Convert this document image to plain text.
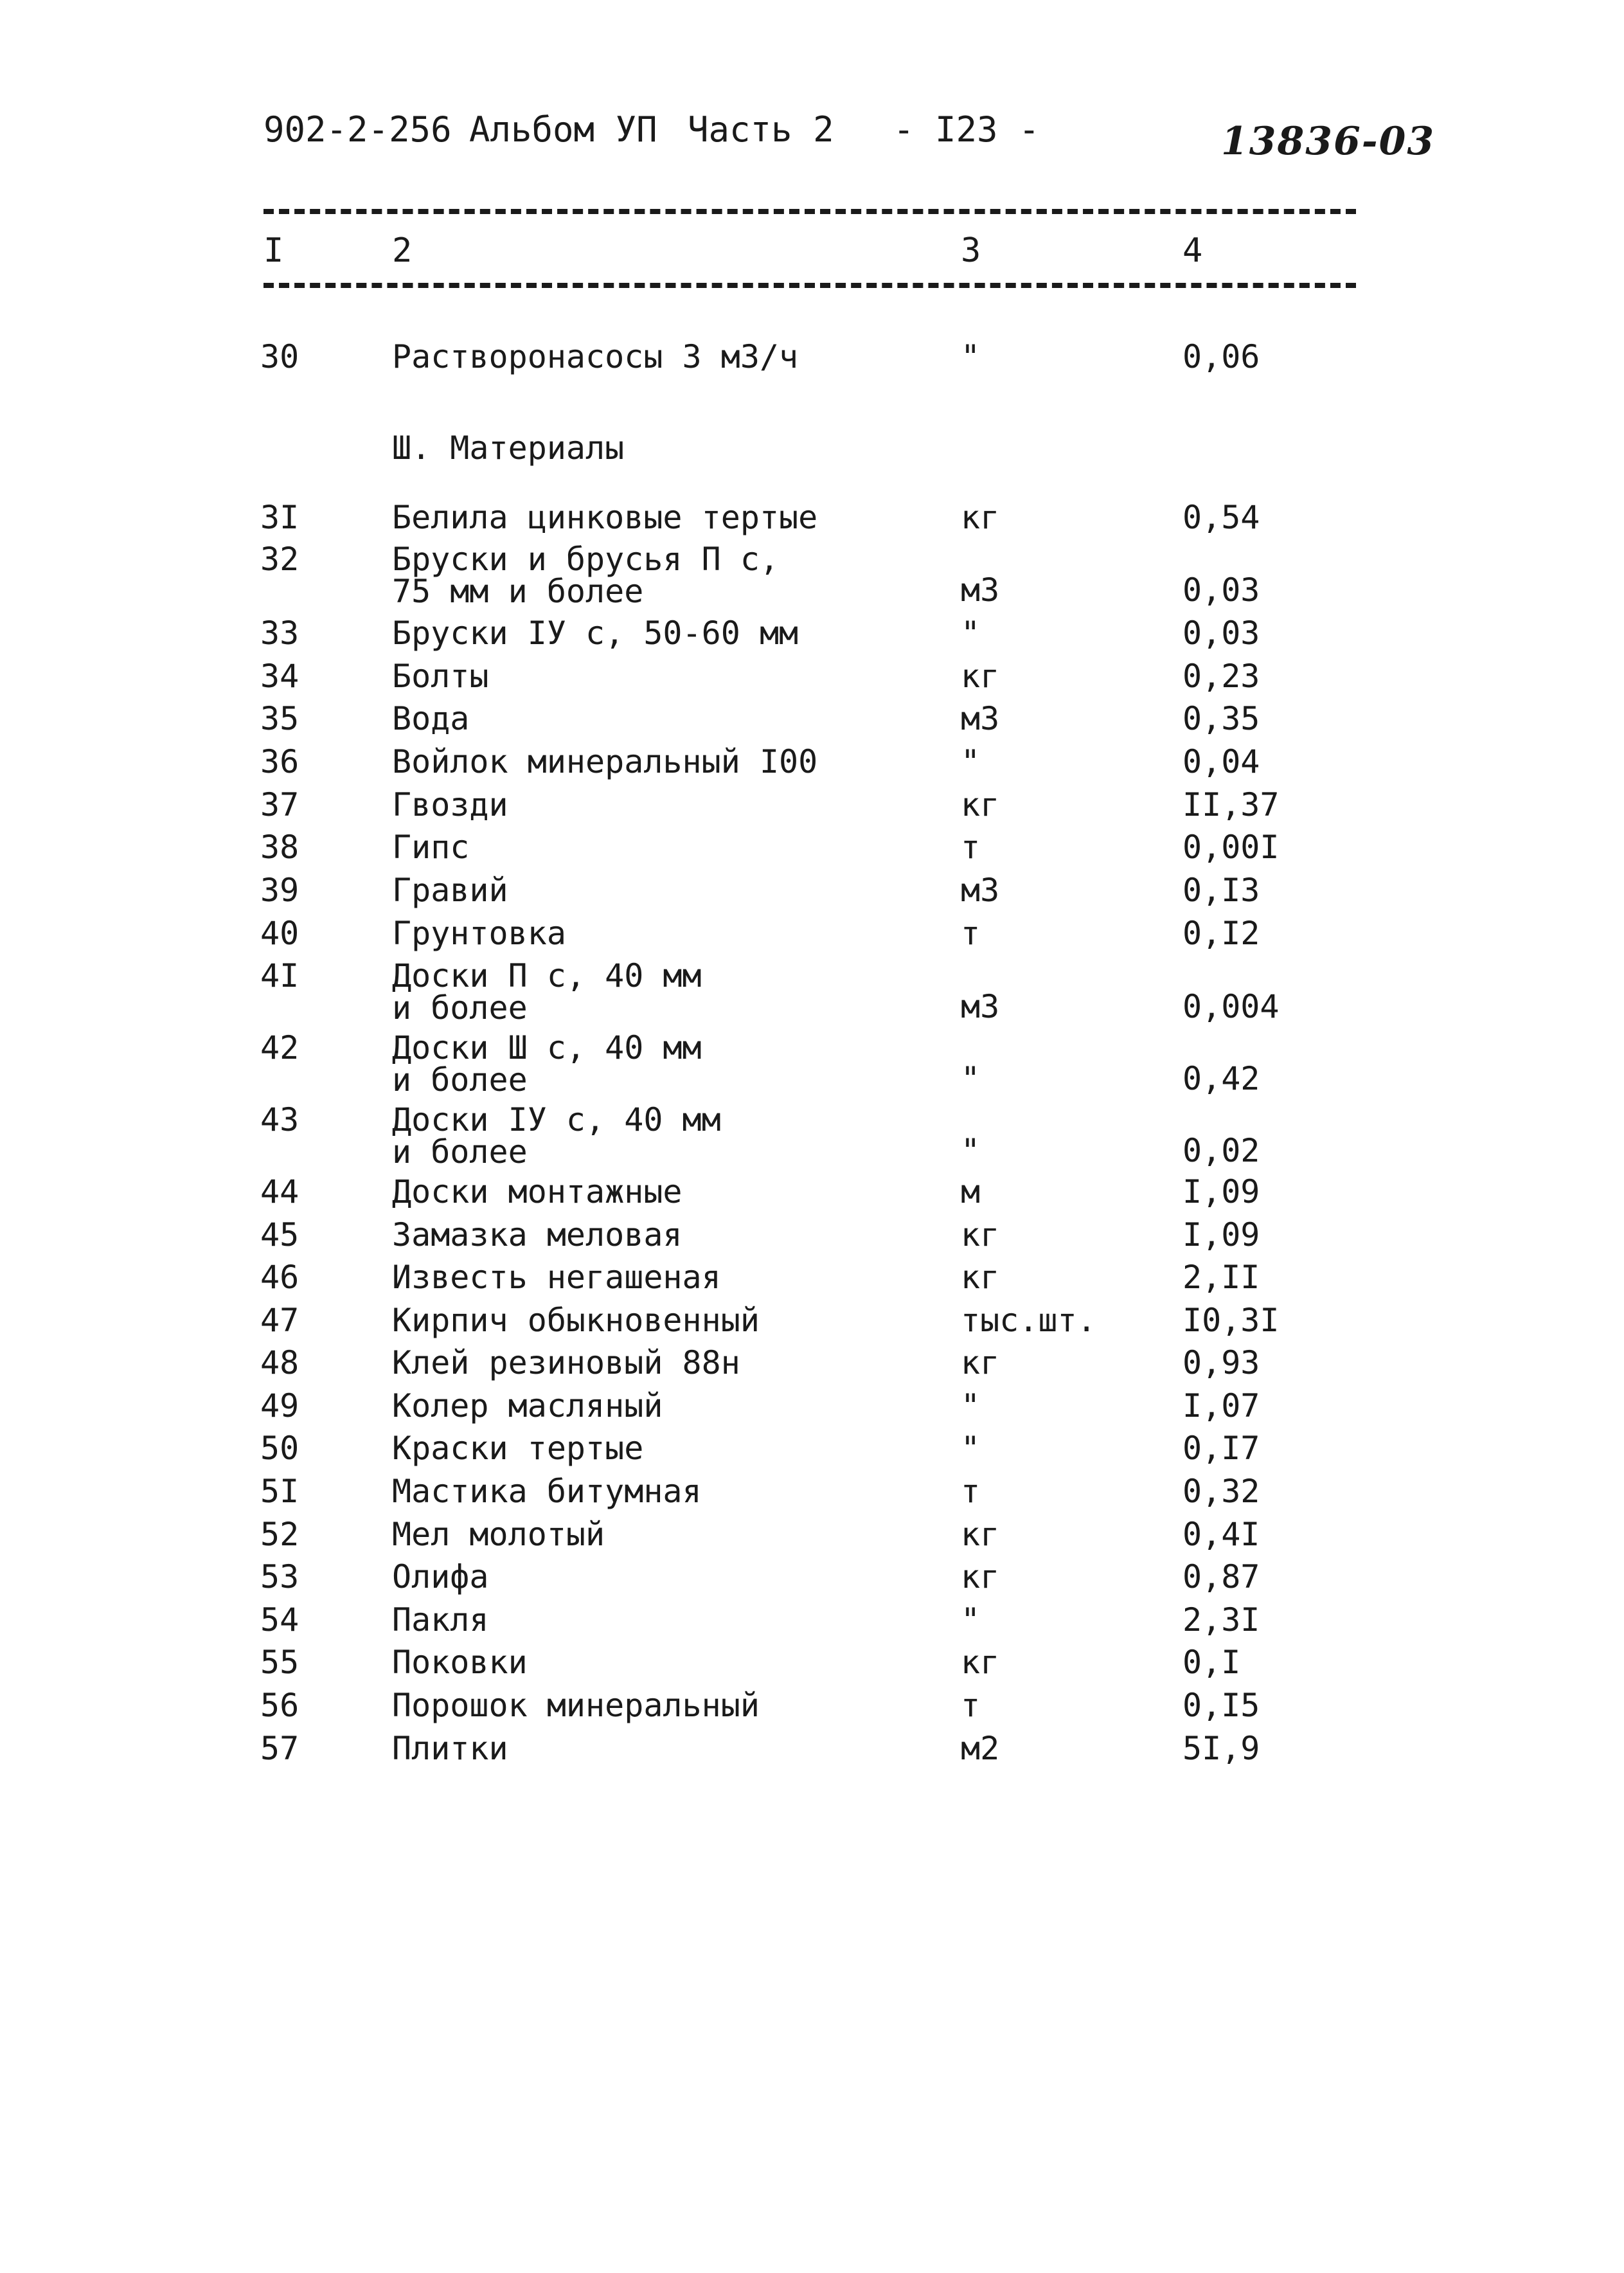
902-2-256 Альбом УП Часть 2 - I23 -	13836-03
I	2	3	4
Ш. Материалы
30	Растворонасосы 3 м3/ч	"	0,06
3I	Белила цинковые тертые	кг	0,54
32	Бруски и брусья П с,
75 мм и более	м3	0,03
33	Бруски IУ с, 50-60 мм	"	0,03
34	Болты	кг	0,23
35	Вода	м3	0,35
36	Войлок минеральный I00	"	0,04
37	Гвозди	кг	II,37
38	Гипс	т	0,00I
39	Гравий	м3	0,I3
40	Грунтовка	т	0,I2
4I	Доски П с, 40 мм
и более	м3	0,004
42	Доски Ш с, 40 мм
и более	"	0,42
43	Доски IУ с, 40 мм
и более	"	0,02
44	Доски монтажные	м	I,09
45	Замазка меловая	кг	I,09
46	Известь негашеная	кг	2,II
47	Кирпич обыкновенный	тыс.шт.	I0,3I
48	Клей резиновый 88н	кг	0,93
49	Колер масляный	"	I,07
50	Краски тертые	"	0,I7
5I	Мастика битумная	т	0,32
52	Мел молотый	кг	0,4I
53	Олифа	кг	0,87
54	Пакля	"	2,3I
55	Поковки	кг	0,I
56	Порошок минеральный	т	0,I5
57	Плитки	м2	5I,9
